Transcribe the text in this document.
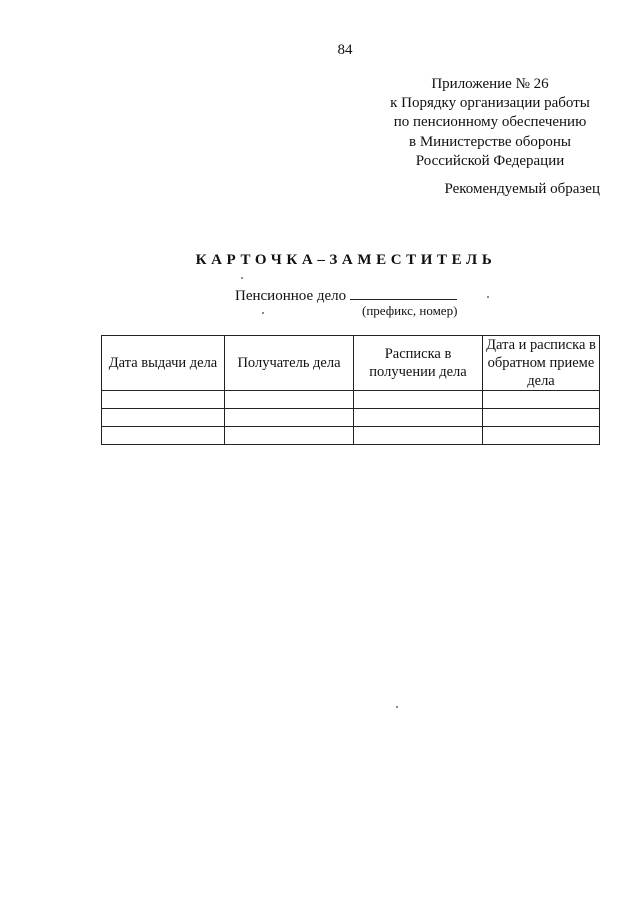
84
Приложение № 26
к Порядку организации работы
по пенсионному обеспечению
в Министерстве обороны
Российской Федерации
Рекомендуемый образец
КАРТОЧКА–ЗАМЕСТИТЕЛЬ
Пенсионное дело
(префикс, номер)
Дата выдачи дела	Получатель дела	Расписка в получении дела	Дата и расписка в обратном приеме дела
